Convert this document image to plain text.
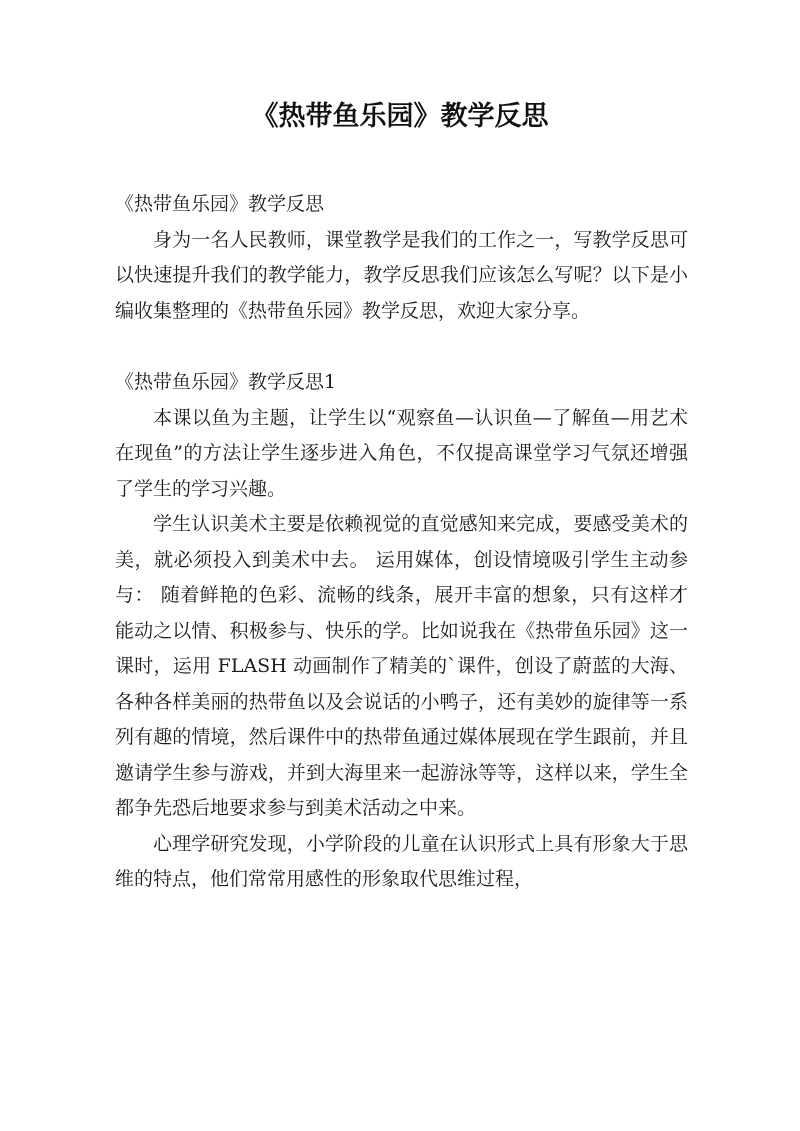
《热带鱼乐园》教学反思

《热带鱼乐园》教学反思

身为一名人民教师，课堂教学是我们的工作之一，写教学反思可以快速提升我们的教学能力，教学反思我们应该怎么写呢？以下是小编收集整理的《热带鱼乐园》教学反思，欢迎大家分享。

《热带鱼乐园》教学反思1

本课以鱼为主题，让学生以“观察鱼—认识鱼—了解鱼—用艺术在现鱼”的方法让学生逐步进入角色，不仅提高课堂学习气氛还增强了学生的学习兴趣。

学生认识美术主要是依赖视觉的直觉感知来完成，要感受美术的美，就必须投入到美术中去。 运用媒体，创设情境吸引学生主动参与： 随着鲜艳的色彩、流畅的线条，展开丰富的想象，只有这样才能动之以情、积极参与、快乐的学。比如说我在《热带鱼乐园》这一课时，运用 FLASH 动画制作了精美的`课件，创设了蔚蓝的大海、各种各样美丽的热带鱼以及会说话的小鸭子，还有美妙的旋律等一系列有趣的情境，然后课件中的热带鱼通过媒体展现在学生跟前，并且邀请学生参与游戏，并到大海里来一起游泳等等，这样以来，学生全都争先恐后地要求参与到美术活动之中来。

心理学研究发现，小学阶段的儿童在认识形式上具有形象大于思维的特点，他们常常用感性的形象取代思维过程，
